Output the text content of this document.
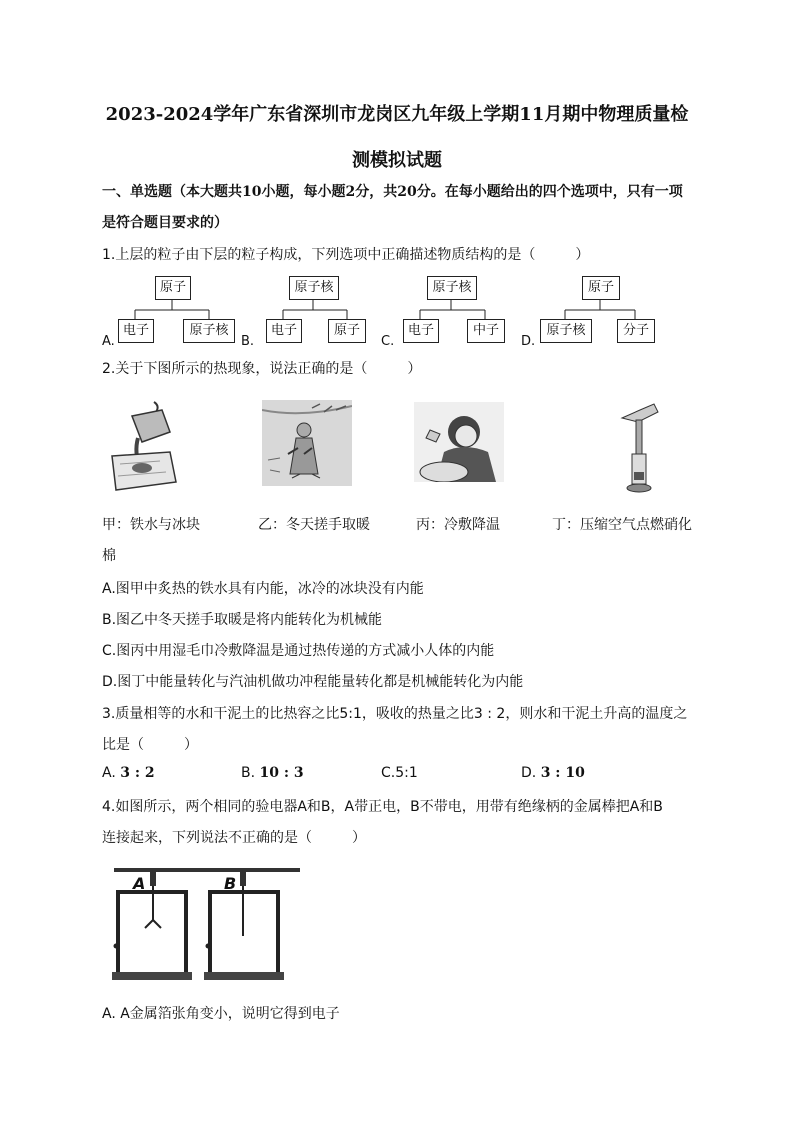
2023-2024学年广东省深圳市龙岗区九年级上学期11月期中物理质量检
测模拟试题
一、单选题（本大题共10小题，每小题2分，共20分。在每小题给出的四个选项中，只有一项
是符合题目要求的）
1.上层的粒子由下层的粒子构成，下列选项中正确描述物质结构的是（	）
原子
电子	原子核
A.
原子核
电子	原子
B.
原子核
电子	中子
C.
原子
原子核	分子
D.
2.关于下图所示的热现象，说法正确的是（	）
甲：铁水与冰块	乙：冬天搓手取暖	丙：冷敷降温	丁：压缩空气点燃硝化
棉
A.图甲中炙热的铁水具有内能，冰冷的冰块没有内能
B.图乙中冬天搓手取暖是将内能转化为机械能
C.图丙中用湿毛巾冷敷降温是通过热传递的方式减小人体的内能
D.图丁中能量转化与汽油机做功冲程能量转化都是机械能转化为内能
3.质量相等的水和干泥土的比热容之比5:1，吸收的热量之比3 : 2，则水和干泥土升高的温度之
比是（	）
A. 3 : 2	B. 10 : 3	C.5:1	D. 3 : 10
4.如图所示，两个相同的验电器A和B，A带正电，B不带电，用带有绝缘柄的金属棒把A和B
连接起来，下列说法不正确的是（	）
A	B
A. A金属箔张角变小，说明它得到电子
